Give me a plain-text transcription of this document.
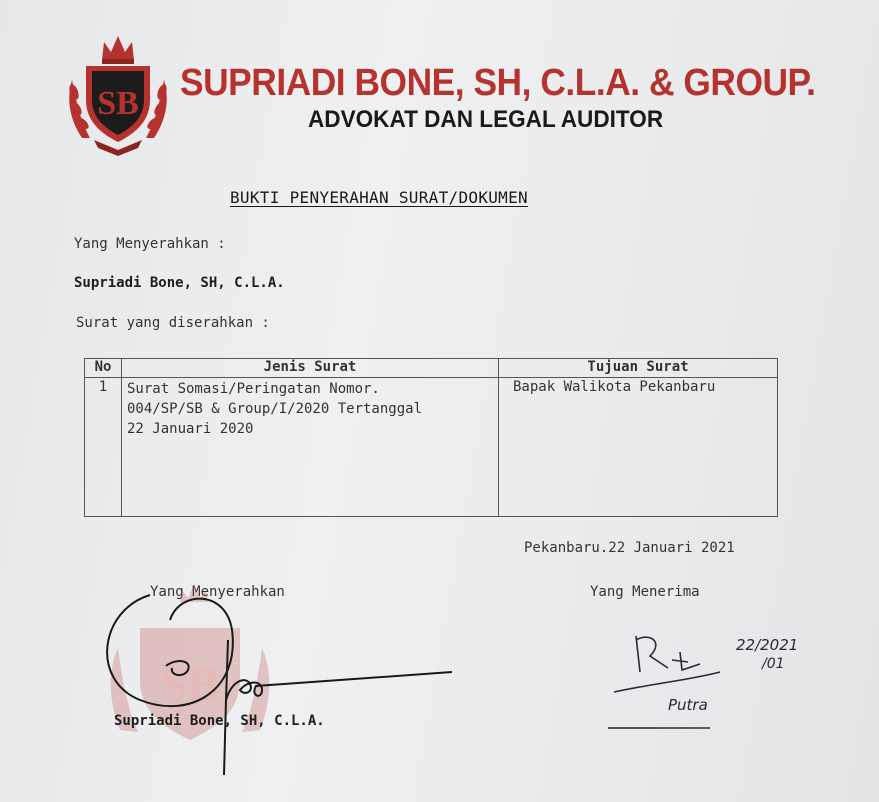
SB SUPRIADI BONE, SH, C.L.A. & GROUP.
ADVOKAT DAN LEGAL AUDITOR
BUKTI PENYERAHAN SURAT/DOKUMEN
Yang Menyerahkan :
Supriadi Bone, SH, C.L.A.
Surat yang diserahkan :
No	Jenis Surat	Tujuan Surat
1	Surat Somasi/Peringatan Nomor.
004/SP/SB & Group/I/2020 Tertanggal
22 Januari 2020	Bapak Walikota Pekanbaru
Pekanbaru.22 Januari 2021
Yang Menyerahkan	Yang Menerima
SB
Supriadi Bone, SH, C.L.A.
22/2021
/01
Putra
